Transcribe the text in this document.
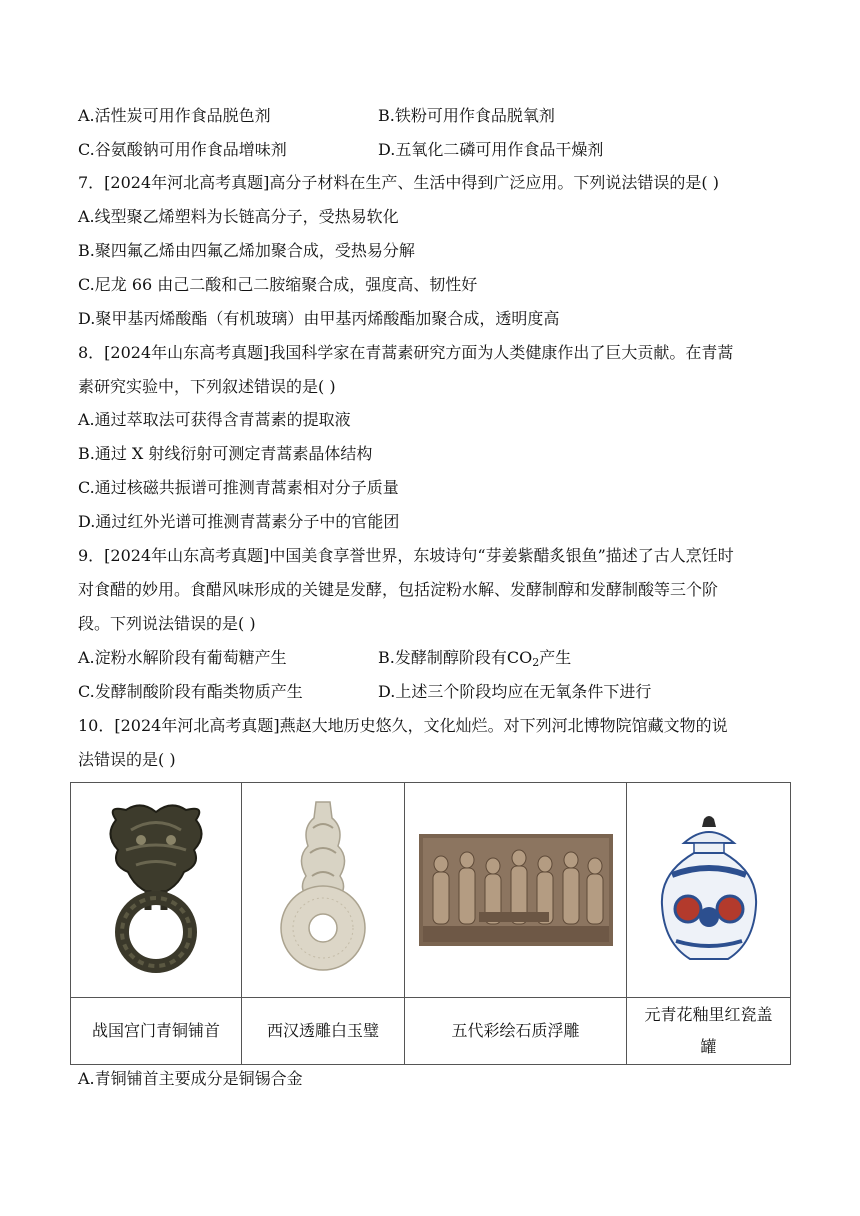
A.活性炭可用作食品脱色剂	B.铁粉可用作食品脱氧剂
C.谷氨酸钠可用作食品增味剂	D.五氧化二磷可用作食品干燥剂
7．[2024年河北高考真题]高分子材料在生产、生活中得到广泛应用。下列说法错误的是( )
A.线型聚乙烯塑料为长链高分子，受热易软化
B.聚四氟乙烯由四氟乙烯加聚合成，受热易分解
C.尼龙 66 由己二酸和己二胺缩聚合成，强度高、韧性好
D.聚甲基丙烯酸酯（有机玻璃）由甲基丙烯酸酯加聚合成，透明度高
8．[2024年山东高考真题]我国科学家在青蒿素研究方面为人类健康作出了巨大贡献。在青蒿
素研究实验中，下列叙述错误的是( )
A.通过萃取法可获得含青蒿素的提取液
B.通过 X 射线衍射可测定青蒿素晶体结构
C.通过核磁共振谱可推测青蒿素相对分子质量
D.通过红外光谱可推测青蒿素分子中的官能团
9．[2024年山东高考真题]中国美食享誉世界，东坡诗句“芽姜紫醋炙银鱼”描述了古人烹饪时
对食醋的妙用。食醋风味形成的关键是发酵，包括淀粉水解、发酵制醇和发酵制酸等三个阶
段。下列说法错误的是( )
A.淀粉水解阶段有葡萄糖产生	B.发酵制醇阶段有$CO_2$产生
C.发酵制酸阶段有酯类物质产生	D.上述三个阶段均应在无氧条件下进行
10．[2024年河北高考真题]燕赵大地历史悠久，文化灿烂。对下列河北博物院馆藏文物的说
法错误的是( )

战国宫门青铜铺首	西汉透雕白玉璧	五代彩绘石质浮雕	元青花釉里红瓷盖
罐
A.青铜铺首主要成分是铜锡合金
